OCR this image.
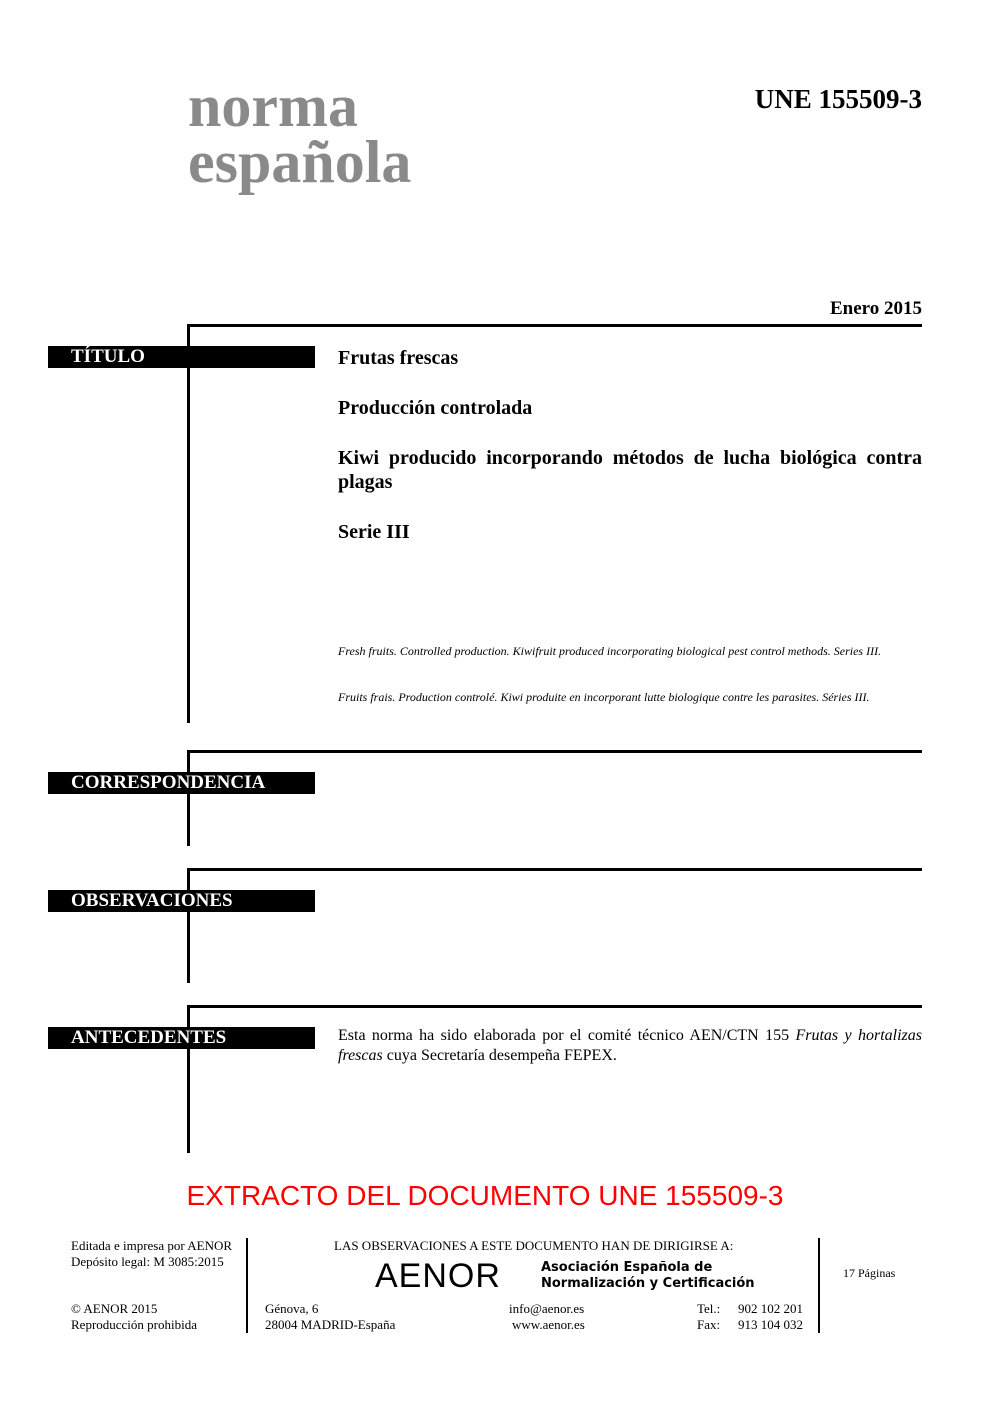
norma
española
UNE 155509-3
Enero 2015
TÍTULO	Frutas frescas
Producción controlada
Kiwi producido incorporando métodos de lucha biológica contra plagas
Serie III
Fresh fruits. Controlled production. Kiwifruit produced incorporating biological pest control methods. Series III.
Fruits frais. Production controlé. Kiwi produite en incorporant lutte biologique contre les parasites. Séries III.
CORRESPONDENCIA
OBSERVACIONES
ANTECEDENTES	Esta norma ha sido elaborada por el comité técnico AEN/CTN 155 Frutas y hortalizas frescas cuya Secretaría desempeña FEPEX.
EXTRACTO DEL DOCUMENTO UNE 155509-3
Editada e impresa por AENOR
Depósito legal: M 3085:2015
© AENOR 2015
Reproducción prohibida
LAS OBSERVACIONES A ESTE DOCUMENTO HAN DE DIRIGIRSE A:
AENOR	Asociación Española de
Normalización y Certificación
Génova, 6
28004 MADRID-España
info@aenor.es
www.aenor.es
Tel.: 902 102 201
Fax: 913 104 032
17 Páginas
